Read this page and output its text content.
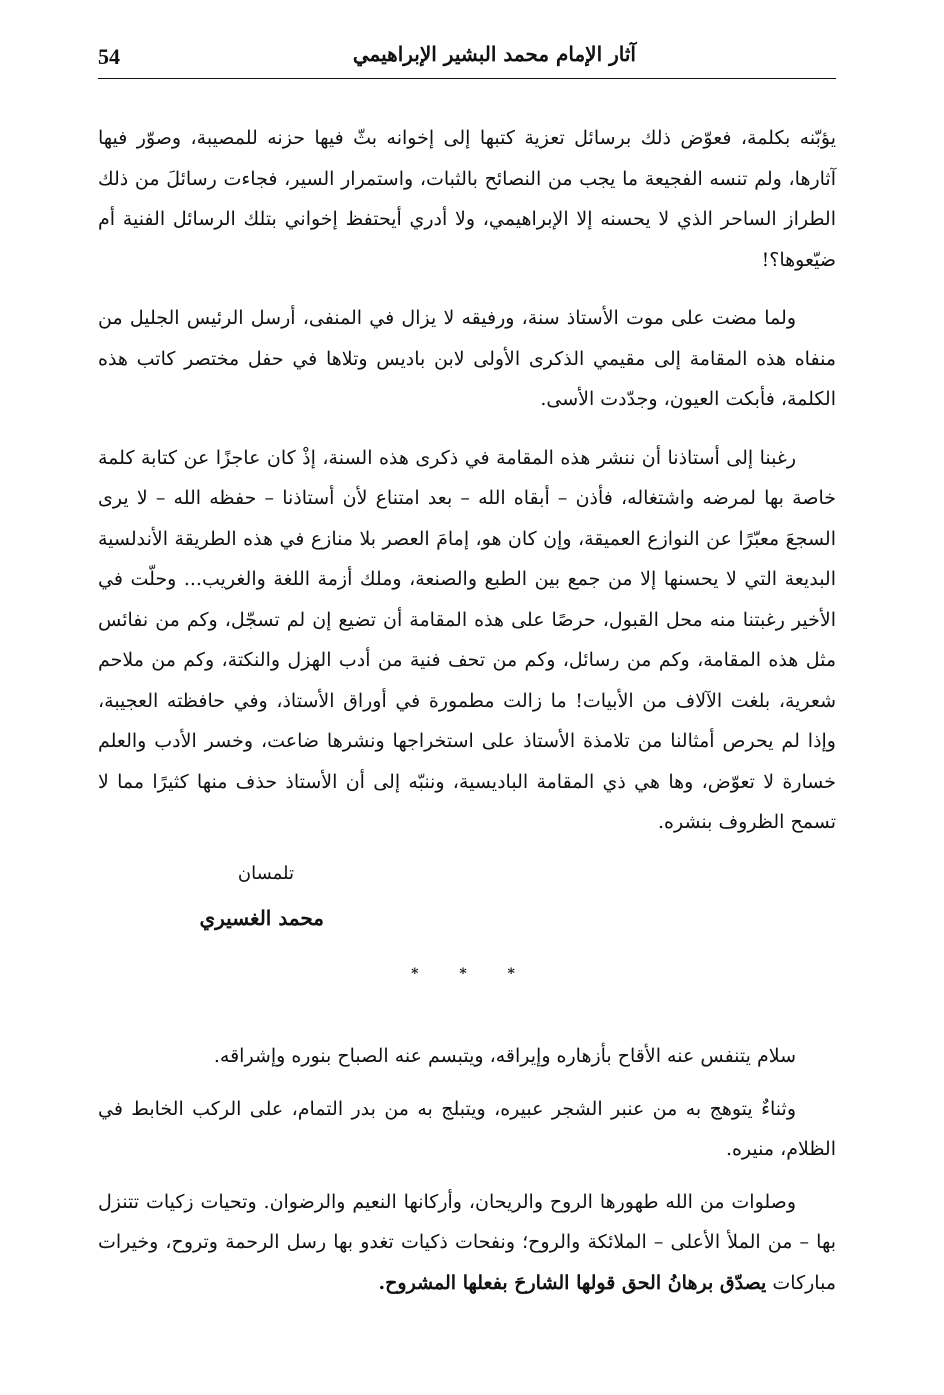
54	آثار الإمام محمد البشير الإبراهيمي

يؤبّنه بكلمة، فعوّض ذلك برسائل تعزية كتبها إلى إخوانه بثّ فيها حزنه للمصيبة، وصوّر فيها آثارها، ولم تنسه الفجيعة ما يجب من النصائح بالثبات، واستمرار السير، فجاءت رسائلَ من ذلك الطراز الساحر الذي لا يحسنه إلا الإبراهيمي، ولا أدري أيحتفظ إخواني بتلك الرسائل الفنية أم ضيّعوها؟!

ولما مضت على موت الأستاذ سنة، ورفيقه لا يزال في المنفى، أرسل الرئيس الجليل من منفاه هذه المقامة إلى مقيمي الذكرى الأولى لابن باديس وتلاها في حفل مختصر كاتب هذه الكلمة، فأبكت العيون، وجدّدت الأسى.

رغبنا إلى أستاذنا أن ننشر هذه المقامة في ذكرى هذه السنة، إذْ كان عاجزًا عن كتابة كلمة خاصة بها لمرضه واشتغاله، فأذن – أبقاه الله – بعد امتناع لأن أستاذنا – حفظه الله – لا يرى السجعَ معبّرًا عن النوازع العميقة، وإن كان هو، إمامَ العصر بلا منازع في هذه الطريقة الأندلسية البديعة التي لا يحسنها إلا من جمع بين الطبع والصنعة، وملك أزمة اللغة والغريب... وحلّت في الأخير رغبتنا منه محل القبول، حرصًا على هذه المقامة أن تضيع إن لم تسجّل، وكم من نفائس مثل هذه المقامة، وكم من رسائل، وكم من تحف فنية من أدب الهزل والنكتة، وكم من ملاحم شعرية، بلغت الآلاف من الأبيات! ما زالت مطمورة في أوراق الأستاذ، وفي حافظته العجيبة، وإذا لم يحرص أمثالنا من تلامذة الأستاذ على استخراجها ونشرها ضاعت، وخسر الأدب والعلم خسارة لا تعوّض، وها هي ذي المقامة الباديسية، وننبّه إلى أن الأستاذ حذف منها كثيرًا مما لا تسمح الظروف بنشره.

تلمسان
محمد الغسيري
* * *

سلام يتنفس عنه الأقاح بأزهاره وإيراقه، ويتبسم عنه الصباح بنوره وإشراقه.

وثناءٌ يتوهج به من عنبر الشجر عبيره، ويتبلج به من بدر التمام، على الركب الخابط في الظلام، منيره.

وصلوات من الله طهورها الروح والريحان، وأركانها النعيم والرضوان. وتحيات زكيات تتنزل بها – من الملأ الأعلى – الملائكة والروح؛ ونفحات ذكيات تغدو بها رسل الرحمة وتروح، وخيرات مباركات يصدّق برهانُ الحق قولها الشارحَ بفعلها المشروح.
